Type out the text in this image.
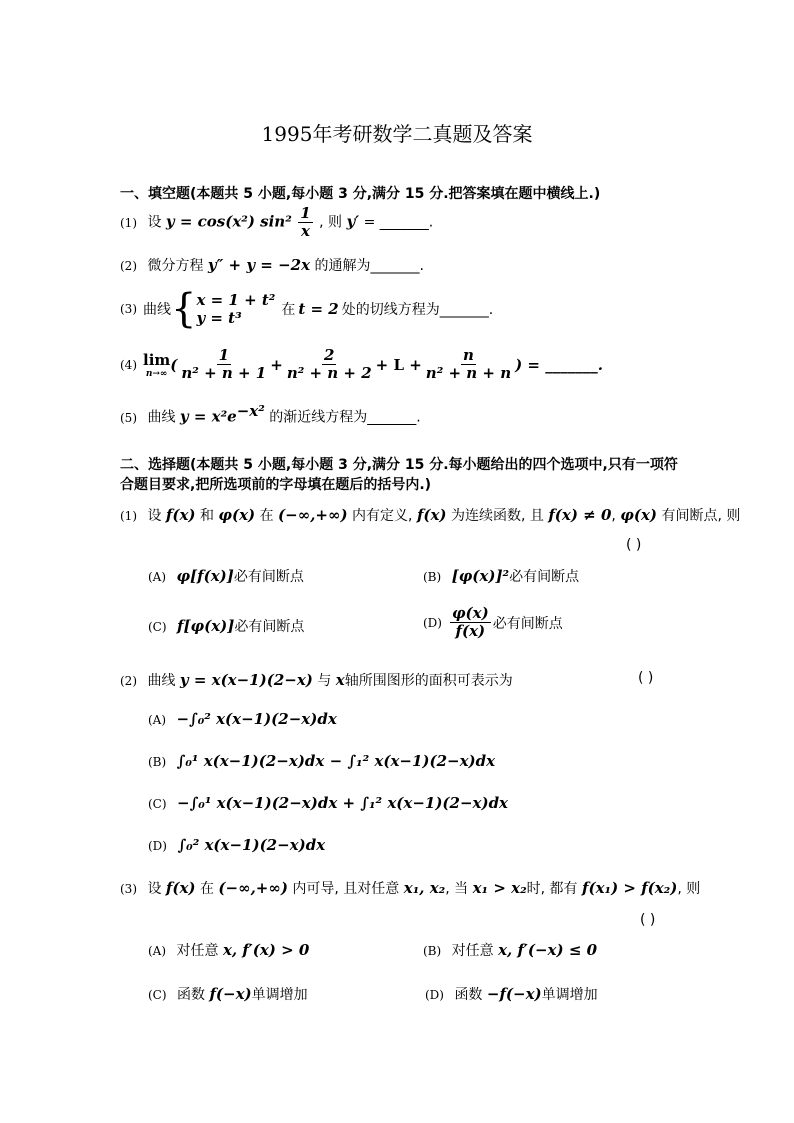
1995年考研数学二真题及答案
一、填空题(本题共 5 小题,每小题 3 分,满分 15 分.把答案填在题中横线上.)
(1) 设 y = cos(x²) $\sin^2 \frac{1}{x}$ , 则 y′ = _______.
(2) 微分方程 y″ + y = −2x 的通解为_______.
(3) 曲线 { x = 1 + t²
y = t³	在 t = 2 处的切线方程为_______.
(4) lim
n→∞ ( $\frac{1}{\text{n² + n + 1}} + \frac{2}{\text{n² + n + 2}} + L + \frac{n}{\text{n² + n + n}}$ ) = _______.
(5) 曲线 $y = x^2e^{-x^2}$ 的渐近线方程为_______.
二、选择题(本题共 5 小题,每小题 3 分,满分 15 分.每小题给出的四个选项中,只有一项符
合题目要求,把所选项前的字母填在题后的括号内.)
(1) 设 f(x) 和 φ(x) 在 (−∞,+∞) 内有定义, f(x) 为连续函数, 且 f(x) ≠ 0, φ(x) 有间断点, 则
( )
(A) φ[f(x)]必有间断点	(B) [φ(x)]²必有间断点
(C) f[φ(x)]必有间断点	$(D) \frac{\varphi(x)}{f(x)}$ 必有间断点
(2) 曲线 y = x(x−1)(2−x) 与 x轴所围图形的面积可表示为	( )
(A) −∫₀² x(x−1)(2−x)dx
(B) ∫₀¹ x(x−1)(2−x)dx − ∫₁² x(x−1)(2−x)dx
(C) −∫₀¹ x(x−1)(2−x)dx + ∫₁² x(x−1)(2−x)dx
(D) ∫₀² x(x−1)(2−x)dx
(3) 设 f(x) 在 (−∞,+∞) 内可导, 且对任意 x₁, x₂, 当 x₁ > x₂时, 都有 f(x₁) > f(x₂), 则
( )
(A) 对任意 x, f′(x) > 0	(B) 对任意 x, f′(−x) ≤ 0
(C) 函数 f(−x)单调增加	(D) 函数 −f(−x)单调增加
